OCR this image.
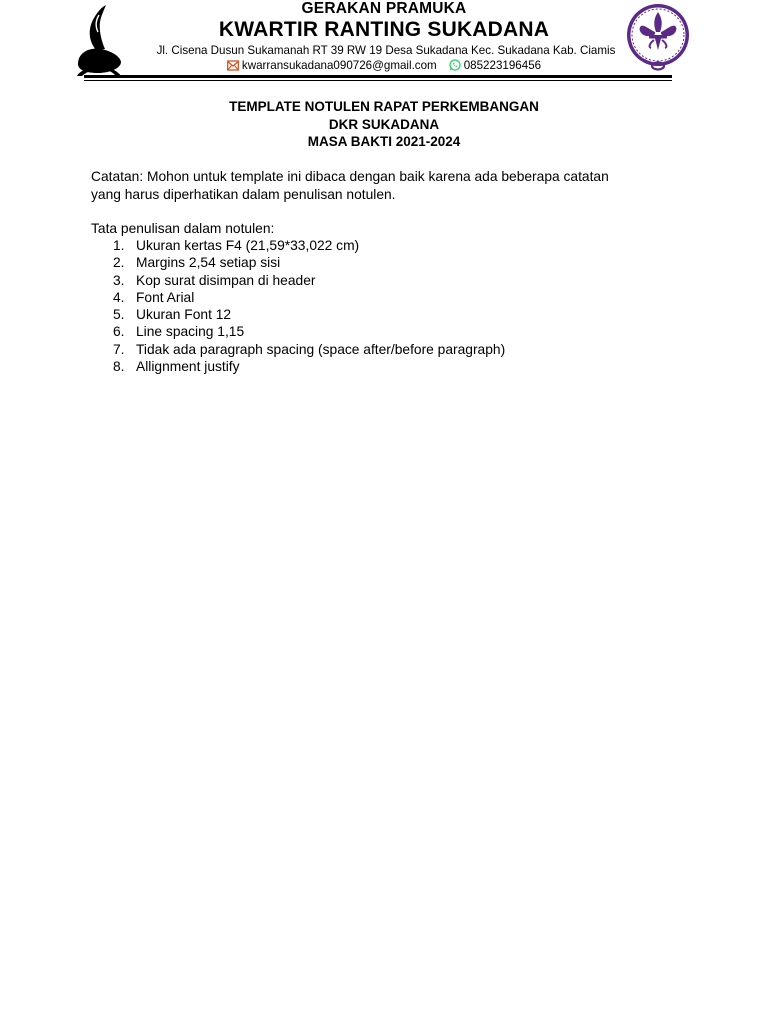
GERAKAN PRAMUKA
KWARTIR RANTING SUKADANA
Jl. Cisena Dusun Sukamanah RT 39 RW 19 Desa Sukadana Kec. Sukadana Kab. Ciamis
kwarransukadana090726@gmail.com 085223196456
TEMPLATE NOTULEN RAPAT PERKEMBANGAN
DKR SUKADANA
MASA BAKTI 2021-2024
Catatan: Mohon untuk template ini dibaca dengan baik karena ada beberapa catatan
yang harus diperhatikan dalam penulisan notulen.
Tata penulisan dalam notulen:
1. Ukuran kertas F4 (21,59*33,022 cm)
2. Margins 2,54 setiap sisi
3. Kop surat disimpan di header
4. Font Arial
5. Ukuran Font 12
6. Line spacing 1,15
7. Tidak ada paragraph spacing (space after/before paragraph)
8. Allignment justify
